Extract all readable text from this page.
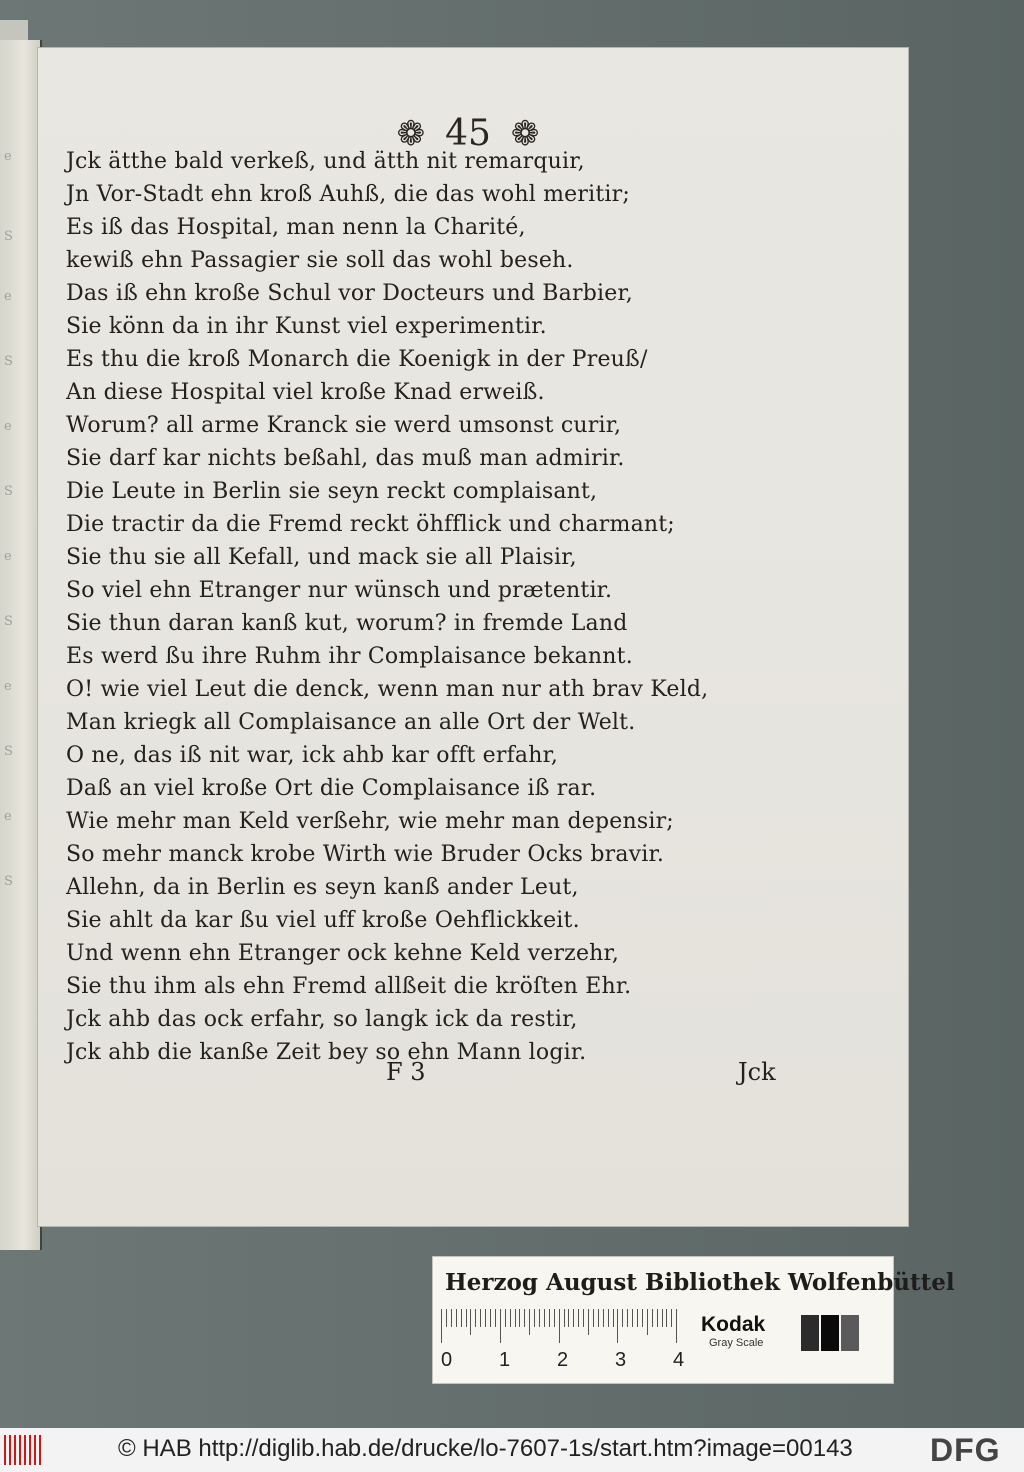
e
S
e
S
e
S
e
S
e
S
e
S
❁ 45 ❁
Jck ätthe bald verkeß, und ätth nit remarquir,
Jn Vor-Stadt ehn kroß Auhß, die das wohl meritir;
Es iß das Hospital, man nenn la Charité,
kewiß ehn Passagier sie soll das wohl beseh.
Das iß ehn kroße Schul vor Docteurs und Barbier,
Sie könn da in ihr Kunst viel experimentir.
Es thu die kroß Monarch die Koenigk in der Preuß/
An diese Hospital viel kroße Knad erweiß.
Worum? all arme Kranck sie werd umsonst curir,
Sie darf kar nichts beßahl, das muß man admirir.
Die Leute in Berlin sie seyn reckt complaisant,
Die tractir da die Fremd reckt öhfflick und charmant;
Sie thu sie all Kefall, und mack sie all Plaisir,
So viel ehn Etranger nur wünsch und prætentir.
Sie thun daran kanß kut, worum? in fremde Land
Es werd ßu ihre Ruhm ihr Complaisance bekannt.
O! wie viel Leut die denck, wenn man nur ath brav Keld,
Man kriegk all Complaisance an alle Ort der Welt.
O ne, das iß nit war, ick ahb kar offt erfahr,
Daß an viel kroße Ort die Complaisance iß rar.
Wie mehr man Keld verßehr, wie mehr man depensir;
So mehr manck krobe Wirth wie Bruder Ocks bravir.
Allehn, da in Berlin es seyn kanß ander Leut,
Sie ahlt da kar ßu viel uff kroße Oehflickkeit.
Und wenn ehn Etranger ock kehne Keld verzehr,
Sie thu ihm als ehn Fremd allßeit die kröſten Ehr.
Jck ahb das ock erfahr, so langk ick da restir,
Jck ahb die kanße Zeit bey so ehn Mann logir.
F 3	Jck
Herzog August Bibliothek Wolfenbüttel
0 1 2 3 4
Kodak
Gray Scale
© HAB http://diglib.hab.de/drucke/lo-7607-1s/start.htm?image=00143 DFG
